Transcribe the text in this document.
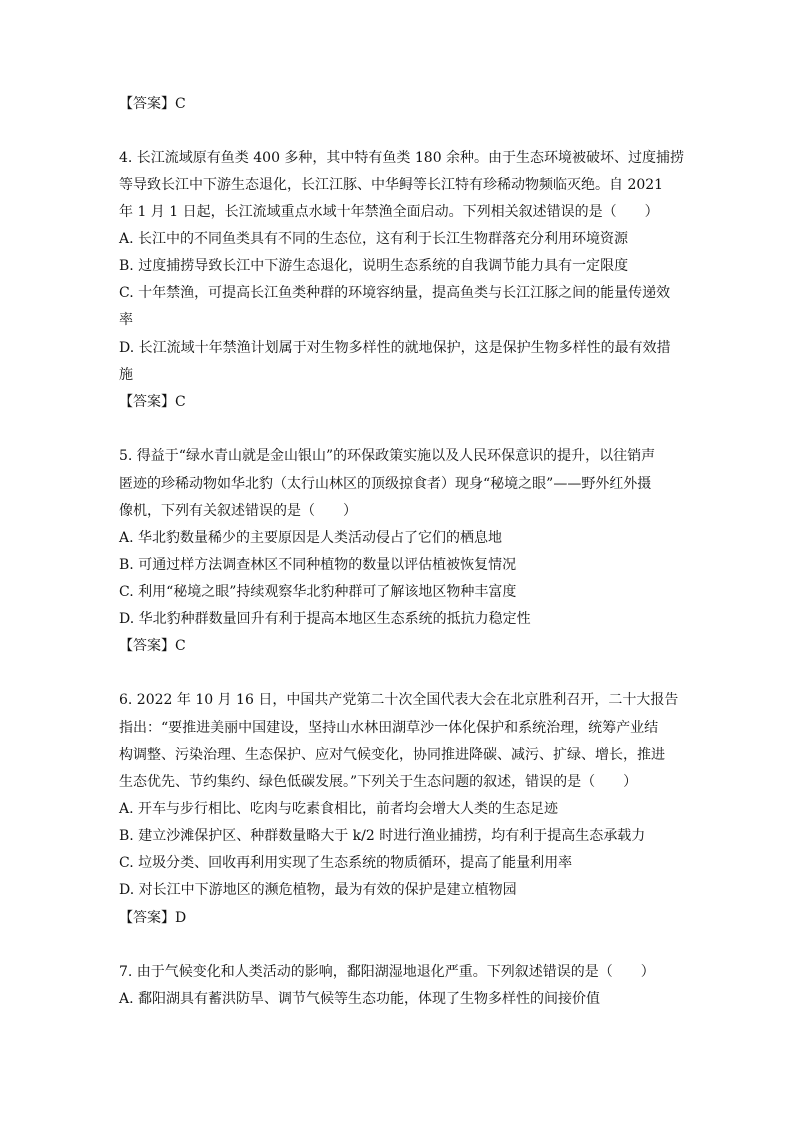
【答案】C
4. 长江流域原有鱼类 400 多种，其中特有鱼类 180 余种。由于生态环境被破坏、过度捕捞
等导致长江中下游生态退化，长江江豚、中华鲟等长江特有珍稀动物频临灭绝。自 2021
年 1 月 1 日起，长江流域重点水域十年禁渔全面启动。下列相关叙述错误的是（　　）
A. 长江中的不同鱼类具有不同的生态位，这有利于长江生物群落充分利用环境资源
B. 过度捕捞导致长江中下游生态退化，说明生态系统的自我调节能力具有一定限度
C. 十年禁渔，可提高长江鱼类种群的环境容纳量，提高鱼类与长江江豚之间的能量传递效
率
D. 长江流域十年禁渔计划属于对生物多样性的就地保护，这是保护生物多样性的最有效措
施
【答案】C
5. 得益于“绿水青山就是金山银山”的环保政策实施以及人民环保意识的提升，以往销声
匿迹的珍稀动物如华北豹（太行山林区的顶级掠食者）现身“秘境之眼”——野外红外摄
像机，下列有关叙述错误的是（　　）
A. 华北豹数量稀少的主要原因是人类活动侵占了它们的栖息地
B. 可通过样方法调查林区不同种植物的数量以评估植被恢复情况
C. 利用“秘境之眼”持续观察华北豹种群可了解该地区物种丰富度
D. 华北豹种群数量回升有利于提高本地区生态系统的抵抗力稳定性
【答案】C
6. 2022 年 10 月 16 日，中国共产党第二十次全国代表大会在北京胜利召开，二十大报告
指出：“要推进美丽中国建设，坚持山水林田湖草沙一体化保护和系统治理，统筹产业结
构调整、污染治理、生态保护、应对气候变化，协同推进降碳、减污、扩绿、增长，推进
生态优先、节约集约、绿色低碳发展。”下列关于生态问题的叙述，错误的是（　　）
A. 开车与步行相比、吃肉与吃素食相比，前者均会增大人类的生态足迹
B. 建立沙滩保护区、种群数量略大于 k/2 时进行渔业捕捞，均有利于提高生态承载力
C. 垃圾分类、回收再利用实现了生态系统的物质循环，提高了能量利用率
D. 对长江中下游地区的濒危植物，最为有效的保护是建立植物园
【答案】D
7. 由于气候变化和人类活动的影响，鄱阳湖湿地退化严重。下列叙述错误的是（　　）
A. 鄱阳湖具有蓄洪防旱、调节气候等生态功能，体现了生物多样性的间接价值
